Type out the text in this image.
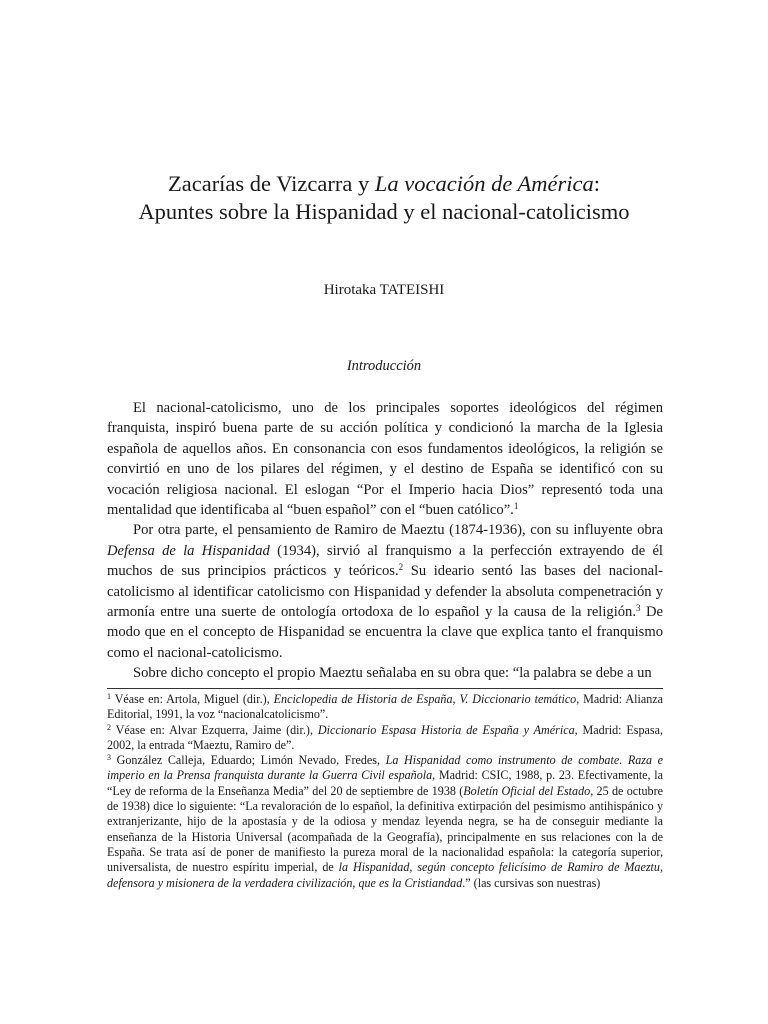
Zacarías de Vizcarra y La vocación de América:
Apuntes sobre la Hispanidad y el nacional-catolicismo
Hirotaka TATEISHI
Introducción

El nacional-catolicismo, uno de los principales soportes ideológicos del régimen franquista, inspiró buena parte de su acción política y condicionó la marcha de la Iglesia española de aquellos años. En consonancia con esos fundamentos ideológicos, la religión se convirtió en uno de los pilares del régimen, y el destino de España se identificó con su vocación religiosa nacional. El eslogan “Por el Imperio hacia Dios” representó toda una mentalidad que identificaba al “buen español” con el “buen católico”.$^1$

Por otra parte, el pensamiento de Ramiro de Maeztu (1874-1936), con su influyente obra Defensa de la Hispanidad (1934), sirvió al franquismo a la perfección extrayendo de él muchos de sus principios prácticos y teóricos.$^2$ Su ideario sentó las bases del nacional-catolicismo al identificar catolicismo con Hispanidad y defender la absoluta compenetración y armonía entre una suerte de ontología ortodoxa de lo español y la causa de la religión.$^3$ De modo que en el concepto de Hispanidad se encuentra la clave que explica tanto el franquismo como el nacional-catolicismo.

Sobre dicho concepto el propio Maeztu señalaba en su obra que: “la palabra se debe a un

$^1$ Véase en: Artola, Miguel (dir.), Enciclopedia de Historia de España, V. Diccionario temático, Madrid: Alianza Editorial, 1991, la voz “nacionalcatolicismo”.

$^2$ Véase en: Alvar Ezquerra, Jaime (dir.), Diccionario Espasa Historia de España y América, Madrid: Espasa, 2002, la entrada “Maeztu, Ramiro de”.

$^3$ González Calleja, Eduardo; Limón Nevado, Fredes, La Hispanidad como instrumento de combate. Raza e imperio en la Prensa franquista durante la Guerra Civil española, Madrid: CSIC, 1988, p. 23. Efectivamente, la “Ley de reforma de la Enseñanza Media” del 20 de septiembre de 1938 (Boletín Oficial del Estado, 25 de octubre de 1938) dice lo siguiente: “La revaloración de lo español, la definitiva extirpación del pesimismo antihispánico y extranjerizante, hijo de la apostasía y de la odiosa y mendaz leyenda negra, se ha de conseguir mediante la enseñanza de la Historia Universal (acompañada de la Geografía), principalmente en sus relaciones con la de España. Se trata así de poner de manifiesto la pureza moral de la nacionalidad española: la categoría superior, universalista, de nuestro espíritu imperial, de la Hispanidad, según concepto felicísimo de Ramiro de Maeztu, defensora y misionera de la verdadera civilización, que es la Cristiandad.” (las cursivas son nuestras)
